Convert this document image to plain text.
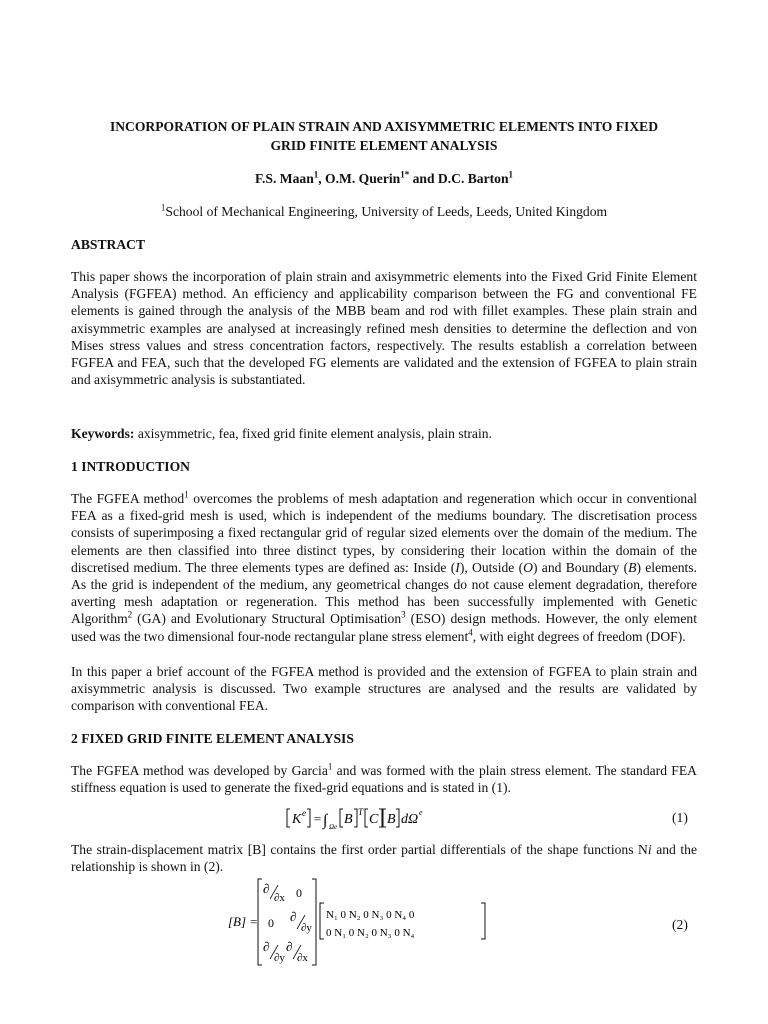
INCORPORATION OF PLAIN STRAIN AND AXISYMMETRIC ELEMENTS INTO FIXED
GRID FINITE ELEMENT ANALYSIS
F.S. Maan$^1$, O.M. Querin$^{1*}$ and D.C. Barton$^1$
$^1$School of Mechanical Engineering, University of Leeds, Leeds, United Kingdom
ABSTRACT

This paper shows the incorporation of plain strain and axisymmetric elements into the Fixed Grid Finite Element Analysis (FGFEA) method. An efficiency and applicability comparison between the FG and conventional FE elements is gained through the analysis of the MBB beam and rod with fillet examples. These plain strain and axisymmetric examples are analysed at increasingly refined mesh densities to determine the deflection and von Mises stress values and stress concentration factors, respectively. The results establish a correlation between FGFEA and FEA, such that the developed FG elements are validated and the extension of FGFEA to plain strain and axisymmetric analysis is substantiated.

Keywords: axisymmetric, fea, fixed grid finite element analysis, plain strain.

1 INTRODUCTION

The FGFEA method$^1$ overcomes the problems of mesh adaptation and regeneration which occur in conventional FEA as a fixed-grid mesh is used, which is independent of the mediums boundary. The discretisation process consists of superimposing a fixed rectangular grid of regular sized elements over the domain of the medium. The elements are then classified into three distinct types, by considering their location within the domain of the discretised medium. The three elements types are defined as: Inside (I), Outside (O) and Boundary (B) elements. As the grid is independent of the medium, any geometrical changes do not cause element degradation, therefore averting mesh adaptation or regeneration. This method has been successfully implemented with Genetic Algorithm$^2$ (GA) and Evolutionary Structural Optimisation$^3$ (ESO) design methods. However, the only element used was the two dimensional four-node rectangular plane stress element$^4$, with eight degrees of freedom (DOF).

In this paper a brief account of the FGFEA method is provided and the extension of FGFEA to plain strain and axisymmetric analysis is discussed. Two example structures are analysed and the results are validated by comparison with conventional FEA.

2 FIXED GRID FINITE ELEMENT ANALYSIS

The FGFEA method was developed by Garcia$^1$ and was formed with the plain stress element. The standard FEA stiffness equation is used to generate the fixed-grid equations and is stated in (1).

K e = ∫ Ωe B T C B dΩ e	(1)

The strain-displacement matrix [B] contains the first order partial differentials of the shape functions Ni and the relationship is shown in (2).

[B] =
∂
∂x 0
0 ∂
∂y
∂
∂y
∂
∂x
N₁ 0 N₂ 0 N₃ 0 N₄ 0
0 N₁ 0 N₂ 0 N₃ 0 N₄
(2)
